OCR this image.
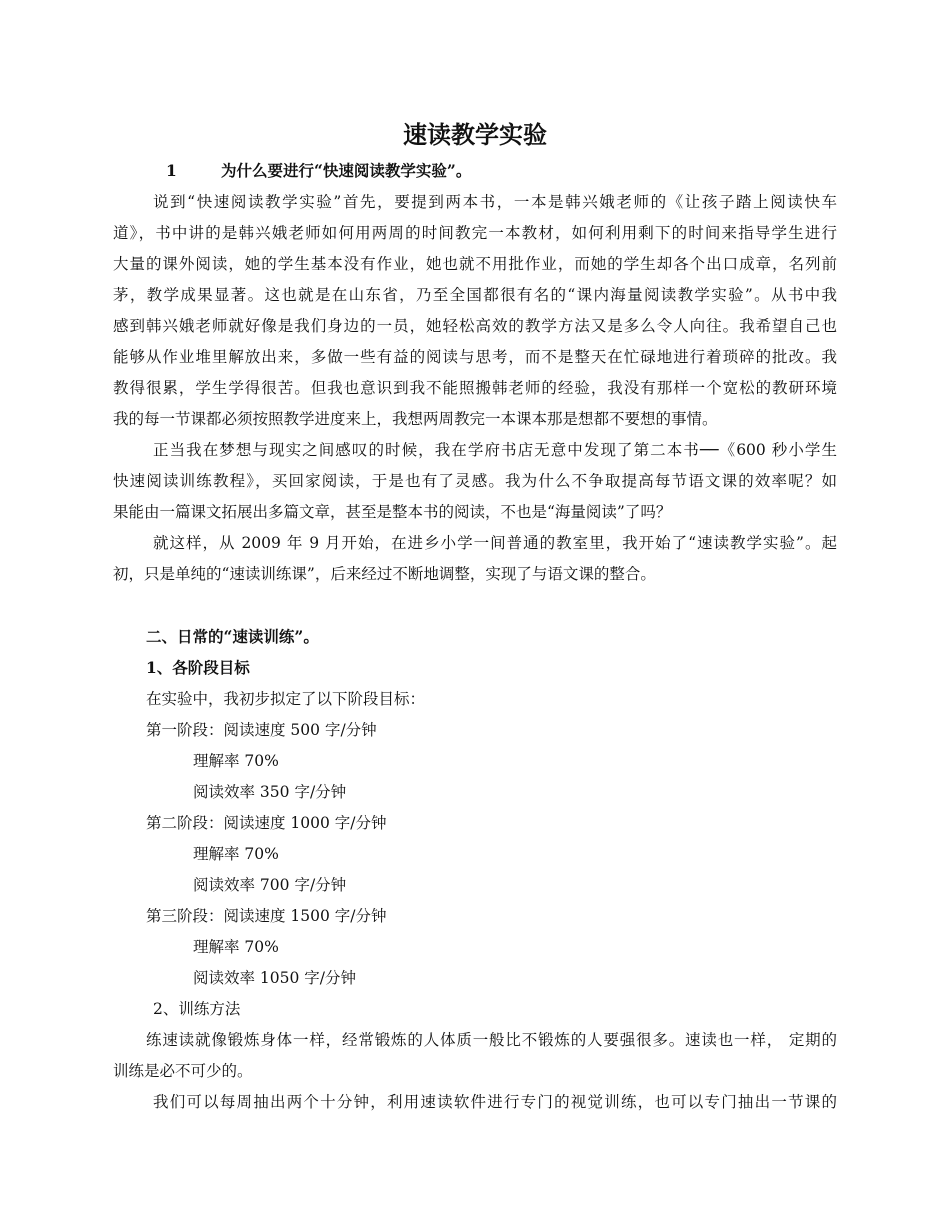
速读教学实验
1	为什么要进行“快速阅读教学实验”。
说到“快速阅读教学实验”首先，要提到两本书，一本是韩兴娥老师的《让孩子踏上阅读快车
道》，书中讲的是韩兴娥老师如何用两周的时间教完一本教材，如何利用剩下的时间来指导学生进行
大量的课外阅读，她的学生基本没有作业，她也就不用批作业，而她的学生却各个出口成章，名列前
茅，教学成果显著。这也就是在山东省，乃至全国都很有名的“课内海量阅读教学实验”。从书中我
感到韩兴娥老师就好像是我们身边的一员，她轻松高效的教学方法又是多么令人向往。我希望自己也
能够从作业堆里解放出来，多做一些有益的阅读与思考，而不是整天在忙碌地进行着琐碎的批改。我
教得很累，学生学得很苦。但我也意识到我不能照搬韩老师的经验，我没有那样一个宽松的教研环境
我的每一节课都必须按照教学进度来上，我想两周教完一本课本那是想都不要想的事情。
正当我在梦想与现实之间感叹的时候，我在学府书店无意中发现了第二本书──《600 秒小学生
快速阅读训练教程》，买回家阅读，于是也有了灵感。我为什么不争取提高每节语文课的效率呢？如
果能由一篇课文拓展出多篇文章，甚至是整本书的阅读，不也是“海量阅读”了吗？
就这样，从 2009 年 9 月开始，在进乡小学一间普通的教室里，我开始了“速读教学实验”。起
初，只是单纯的“速读训练课”，后来经过不断地调整，实现了与语文课的整合。
二、日常的“速读训练”。
1、各阶段目标
在实验中，我初步拟定了以下阶段目标：
第一阶段：阅读速度 500 字/分钟
理解率 70%
阅读效率 350 字/分钟
第二阶段：阅读速度 1000 字/分钟
理解率 70%
阅读效率 700 字/分钟
第三阶段：阅读速度 1500 字/分钟
理解率 70%
阅读效率 1050 字/分钟
2、训练方法
练速读就像锻炼身体一样，经常锻炼的人体质一般比不锻炼的人要强很多。速读也一样， 定期的
训练是必不可少的。
我们可以每周抽出两个十分钟，利用速读软件进行专门的视觉训练，也可以专门抽出一节课的
